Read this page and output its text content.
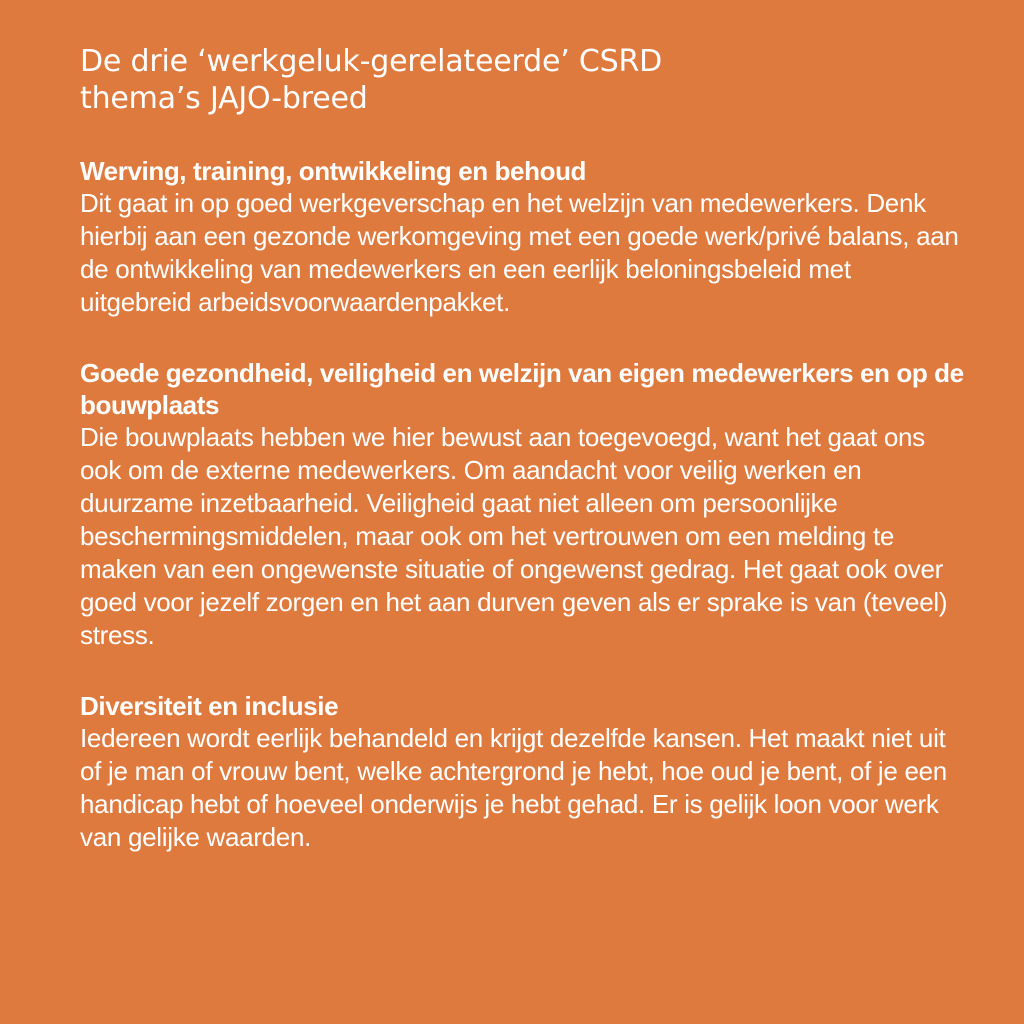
De drie ‘werkgeluk-gerelateerde’ CSRD
thema’s JAJO-breed
Werving, training, ontwikkeling en behoud

Dit gaat in op goed werkgeverschap en het welzijn van medewerkers. Denk hierbij aan een gezonde werkomgeving met een goede werk/privé balans, aan de ontwikkeling van medewerkers en een eerlijk beloningsbeleid met uitgebreid arbeidsvoorwaardenpakket.

Goede gezondheid, veiligheid en welzijn van eigen medewerkers en op de bouwplaats

Die bouwplaats hebben we hier bewust aan toegevoegd, want het gaat ons ook om de externe medewerkers. Om aandacht voor veilig werken en duurzame inzetbaarheid. Veiligheid gaat niet alleen om persoonlijke beschermingsmiddelen, maar ook om het vertrouwen om een melding te maken van een ongewenste situatie of ongewenst gedrag. Het gaat ook over goed voor jezelf zorgen en het aan durven geven als er sprake is van (teveel) stress.

Diversiteit en inclusie

Iedereen wordt eerlijk behandeld en krijgt dezelfde kansen. Het maakt niet uit of je man of vrouw bent, welke achtergrond je hebt, hoe oud je bent, of je een handicap hebt of hoeveel onderwijs je hebt gehad. Er is gelijk loon voor werk van gelijke waarden.
